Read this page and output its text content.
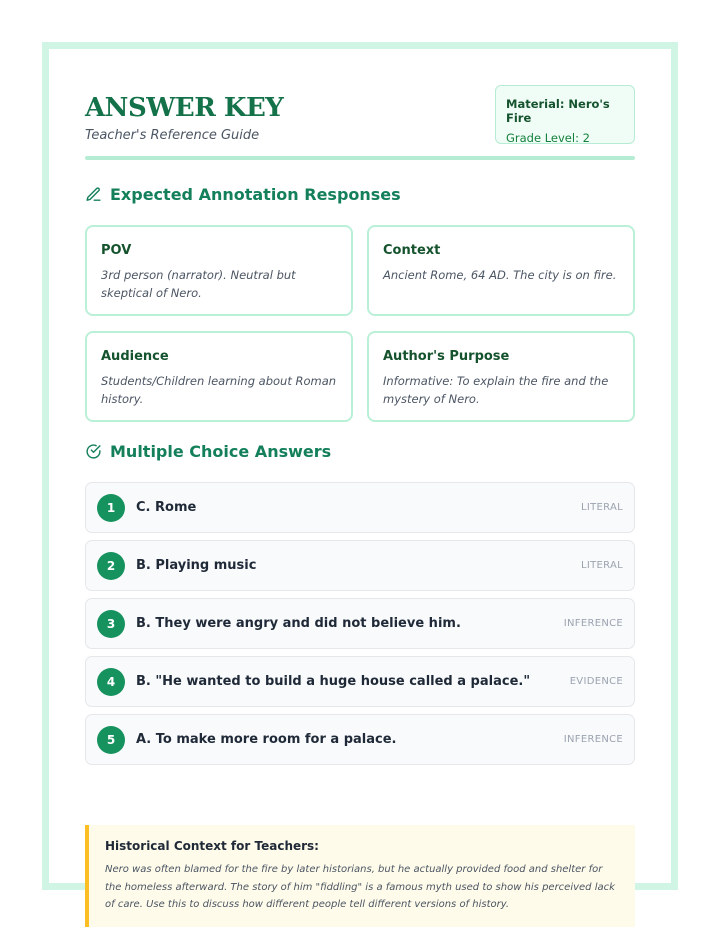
ANSWER KEY
Teacher's Reference Guide
Material: Nero's Fire
Grade Level: 2
Expected Annotation Responses
POV
3rd person (narrator). Neutral but skeptical of Nero.
Context
Ancient Rome, 64 AD. The city is on fire.
Audience
Students/Children learning about Roman history.
Author's Purpose
Informative: To explain the fire and the mystery of Nero.
Multiple Choice Answers
1	C. Rome	LITERAL
2	B. Playing music	LITERAL
3	B. They were angry and did not believe him.	INFERENCE
4	B. "He wanted to build a huge house called a palace."	EVIDENCE
5	A. To make more room for a palace.	INFERENCE
Historical Context for Teachers:
Nero was often blamed for the fire by later historians, but he actually provided food and shelter for the homeless afterward. The story of him "fiddling" is a famous myth used to show his perceived lack of care. Use this to discuss how different people tell different versions of history.
